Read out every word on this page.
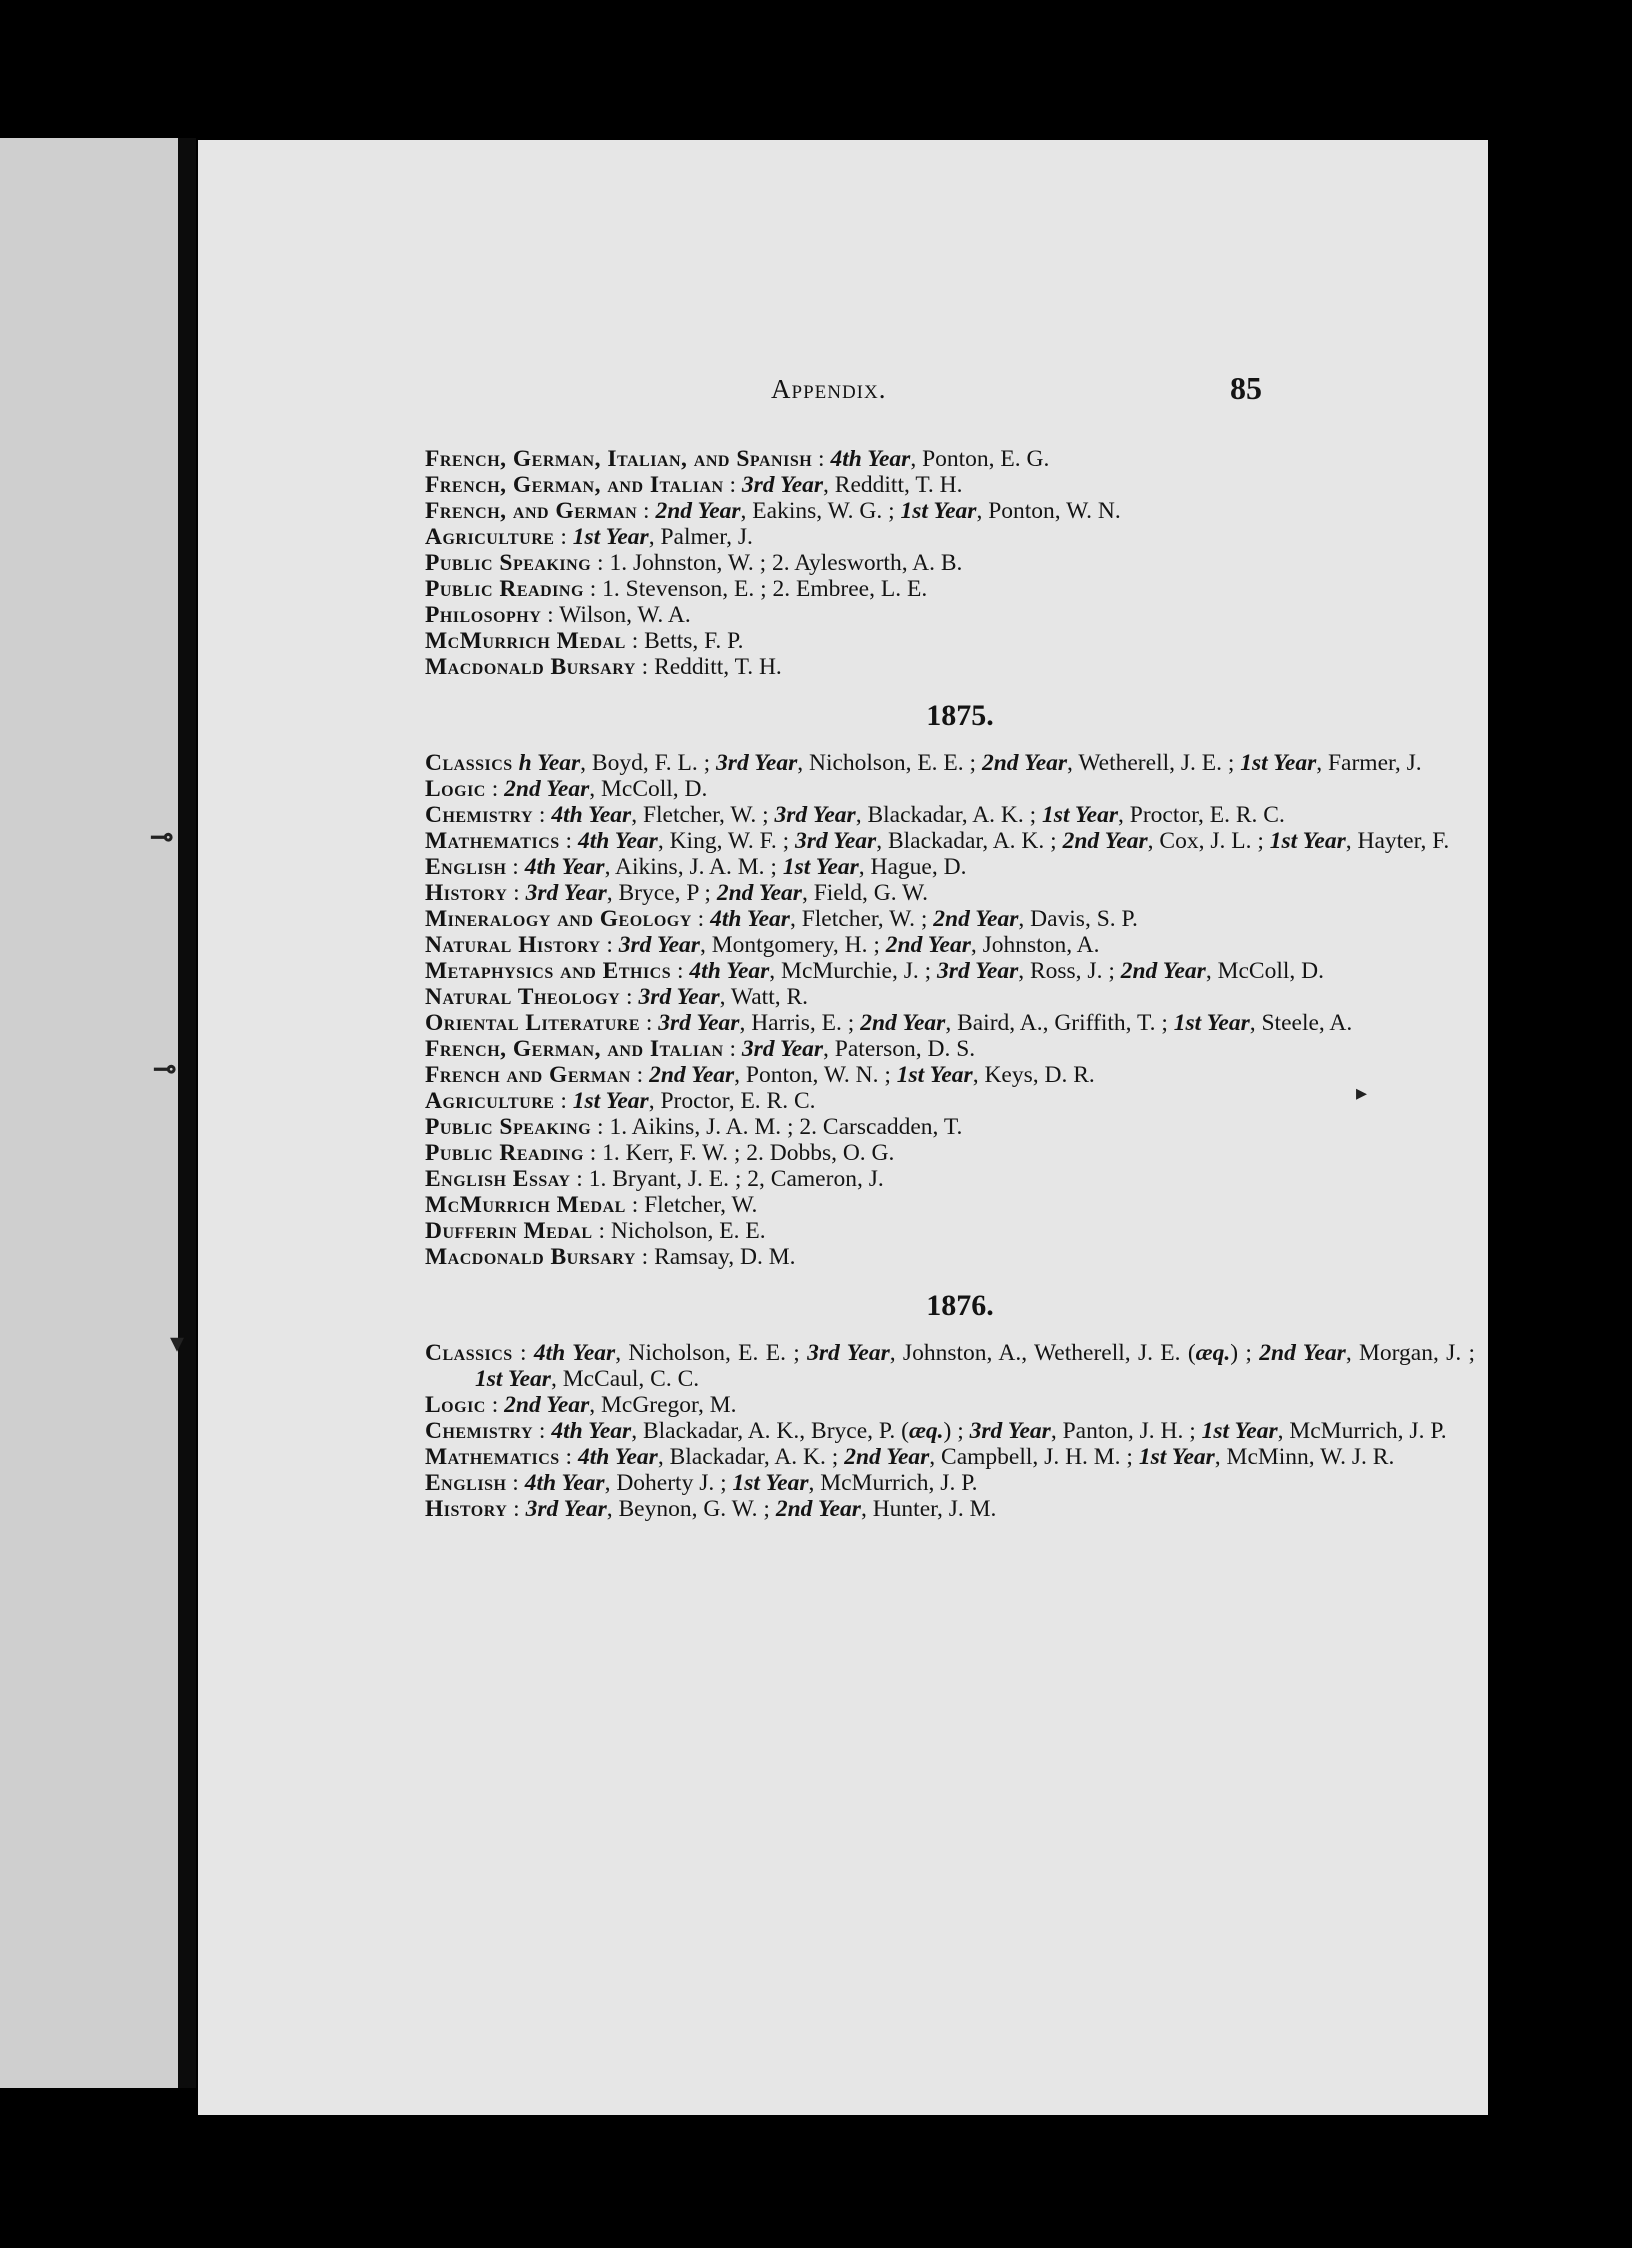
Appendix.	85

French, German, Italian, and Spanish : 4th Year, Ponton, E. G.

French, German, and Italian : 3rd Year, Redditt, T. H.

French, and German : 2nd Year, Eakins, W. G. ; 1st Year, Ponton, W. N.

Agriculture : 1st Year, Palmer, J.

Public Speaking : 1. Johnston, W. ; 2. Aylesworth, A. B.

Public Reading : 1. Stevenson, E. ; 2. Embree, L. E.

Philosophy : Wilson, W. A.

McMurrich Medal : Betts, F. P.

Macdonald Bursary : Redditt, T. H.

1875.

Classics h Year, Boyd, F. L. ; 3rd Year, Nicholson, E. E. ; 2nd Year, Wetherell, J. E. ; 1st Year, Farmer, J.

Logic : 2nd Year, McColl, D.

Chemistry : 4th Year, Fletcher, W. ; 3rd Year, Blackadar, A. K. ; 1st Year, Proctor, E. R. C.

Mathematics : 4th Year, King, W. F. ; 3rd Year, Blackadar, A. K. ; 2nd Year, Cox, J. L. ; 1st Year, Hayter, F.

English : 4th Year, Aikins, J. A. M. ; 1st Year, Hague, D.

History : 3rd Year, Bryce, P ; 2nd Year, Field, G. W.

Mineralogy and Geology : 4th Year, Fletcher, W. ; 2nd Year, Davis, S. P.

Natural History : 3rd Year, Montgomery, H. ; 2nd Year, Johnston, A.

Metaphysics and Ethics : 4th Year, McMurchie, J. ; 3rd Year, Ross, J. ; 2nd Year, McColl, D.

Natural Theology : 3rd Year, Watt, R.

Oriental Literature : 3rd Year, Harris, E. ; 2nd Year, Baird, A., Griffith, T. ; 1st Year, Steele, A.

French, German, and Italian : 3rd Year, Paterson, D. S.

French and German : 2nd Year, Ponton, W. N. ; 1st Year, Keys, D. R.

Agriculture : 1st Year, Proctor, E. R. C.

Public Speaking : 1. Aikins, J. A. M. ; 2. Carscadden, T.

Public Reading : 1. Kerr, F. W. ; 2. Dobbs, O. G.

English Essay : 1. Bryant, J. E. ; 2, Cameron, J.

McMurrich Medal : Fletcher, W.

Dufferin Medal : Nicholson, E. E.

Macdonald Bursary : Ramsay, D. M.

1876.

Classics : 4th Year, Nicholson, E. E. ; 3rd Year, Johnston, A., Wetherell, J. E. (æq.) ; 2nd Year, Morgan, J. ; 1st Year, McCaul, C. C.

Logic : 2nd Year, McGregor, M.

Chemistry : 4th Year, Blackadar, A. K., Bryce, P. (æq.) ; 3rd Year, Panton, J. H. ; 1st Year, McMurrich, J. P.

Mathematics : 4th Year, Blackadar, A. K. ; 2nd Year, Campbell, J. H. M. ; 1st Year, McMinn, W. J. R.

English : 4th Year, Doherty J. ; 1st Year, McMurrich, J. P.

History : 3rd Year, Beynon, G. W. ; 2nd Year, Hunter, J. M.

⊸
⊸
▾
▸
